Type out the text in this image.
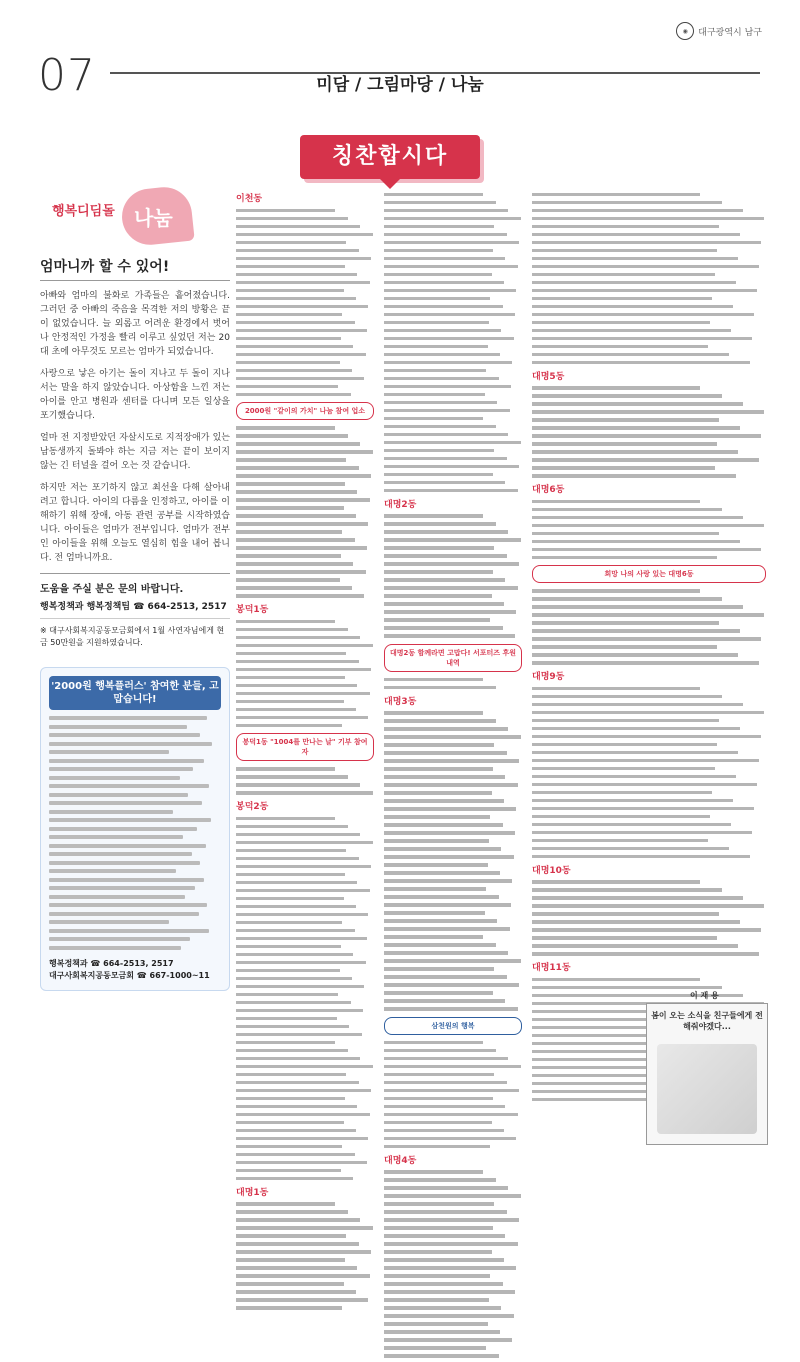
◉	대구광역시 남구
07	미담 / 그림마당 / 나눔
칭찬합시다
행복디딤돌 나눔
엄마니까 할 수 있어!
아빠와 엄마의 불화로 가족들은 흩어졌습니다. 그러던 중 아빠의 죽음을 목격한 저의 방황은 끝이 없었습니다. 늘 외롭고 어려운 환경에서 벗어나 안정적인 가정을 빨리 이루고 싶었던 저는 20대 초에 아무것도 모르는 엄마가 되었습니다.
사랑으로 낳은 아기는 돌이 지나고 두 돌이 지나서는 말을 하지 않았습니다. 아상함을 느낀 저는 아이를 안고 병원과 센터를 다니며 모든 일상을 포기했습니다.
얼마 전 지정받았던 자살시도로 지적장애가 있는 남동생까지 돌봐야 하는 지금 저는 끝이 보이지 않는 긴 터널을 걸어 오는 것 같습니다.
하지만 저는 포기하지 않고 최선을 다해 살아내려고 합니다. 아이의 다름을 인정하고, 아이를 이해하기 위해 장애, 아동 관련 공부를 시작하였습니다. 아이들은 엄마가 전부입니다. 엄마가 전부인 아이들을 위해 오늘도 열심히 힘을 내어 봅니다. 전 엄마니까요.
도움을 주실 분은 문의 바랍니다.
행복정책과 행복정책팀 ☎ 664-2513, 2517
※ 대구사회복지공동모금회에서 1월 사연자님에게 현금 50만원을 지원하였습니다.
'2000원 행복플러스' 참여한 분들, 고맙습니다!
행복정책과 ☎ 664-2513, 2517
대구사회복지공동모금회 ☎ 667-1000~11
이천동
2000원 "같이의 가치" 나눔 참여 업소
봉덕1동
봉덕1동 "1004를 만나는 날" 기부 참여자
봉덕2동
대명1동
대명2동
대명2동 함께라면 고맙다! 서포터즈 후원 내역
대명3동
삼천원의 행복
대명4동
대명5동
대명6동
희망 나의 사랑 있는 대명6동
대명9동
대명10동
대명11동
이 재 용
봄이 오는 소식을 친구들에게 전해줘야겠다...
